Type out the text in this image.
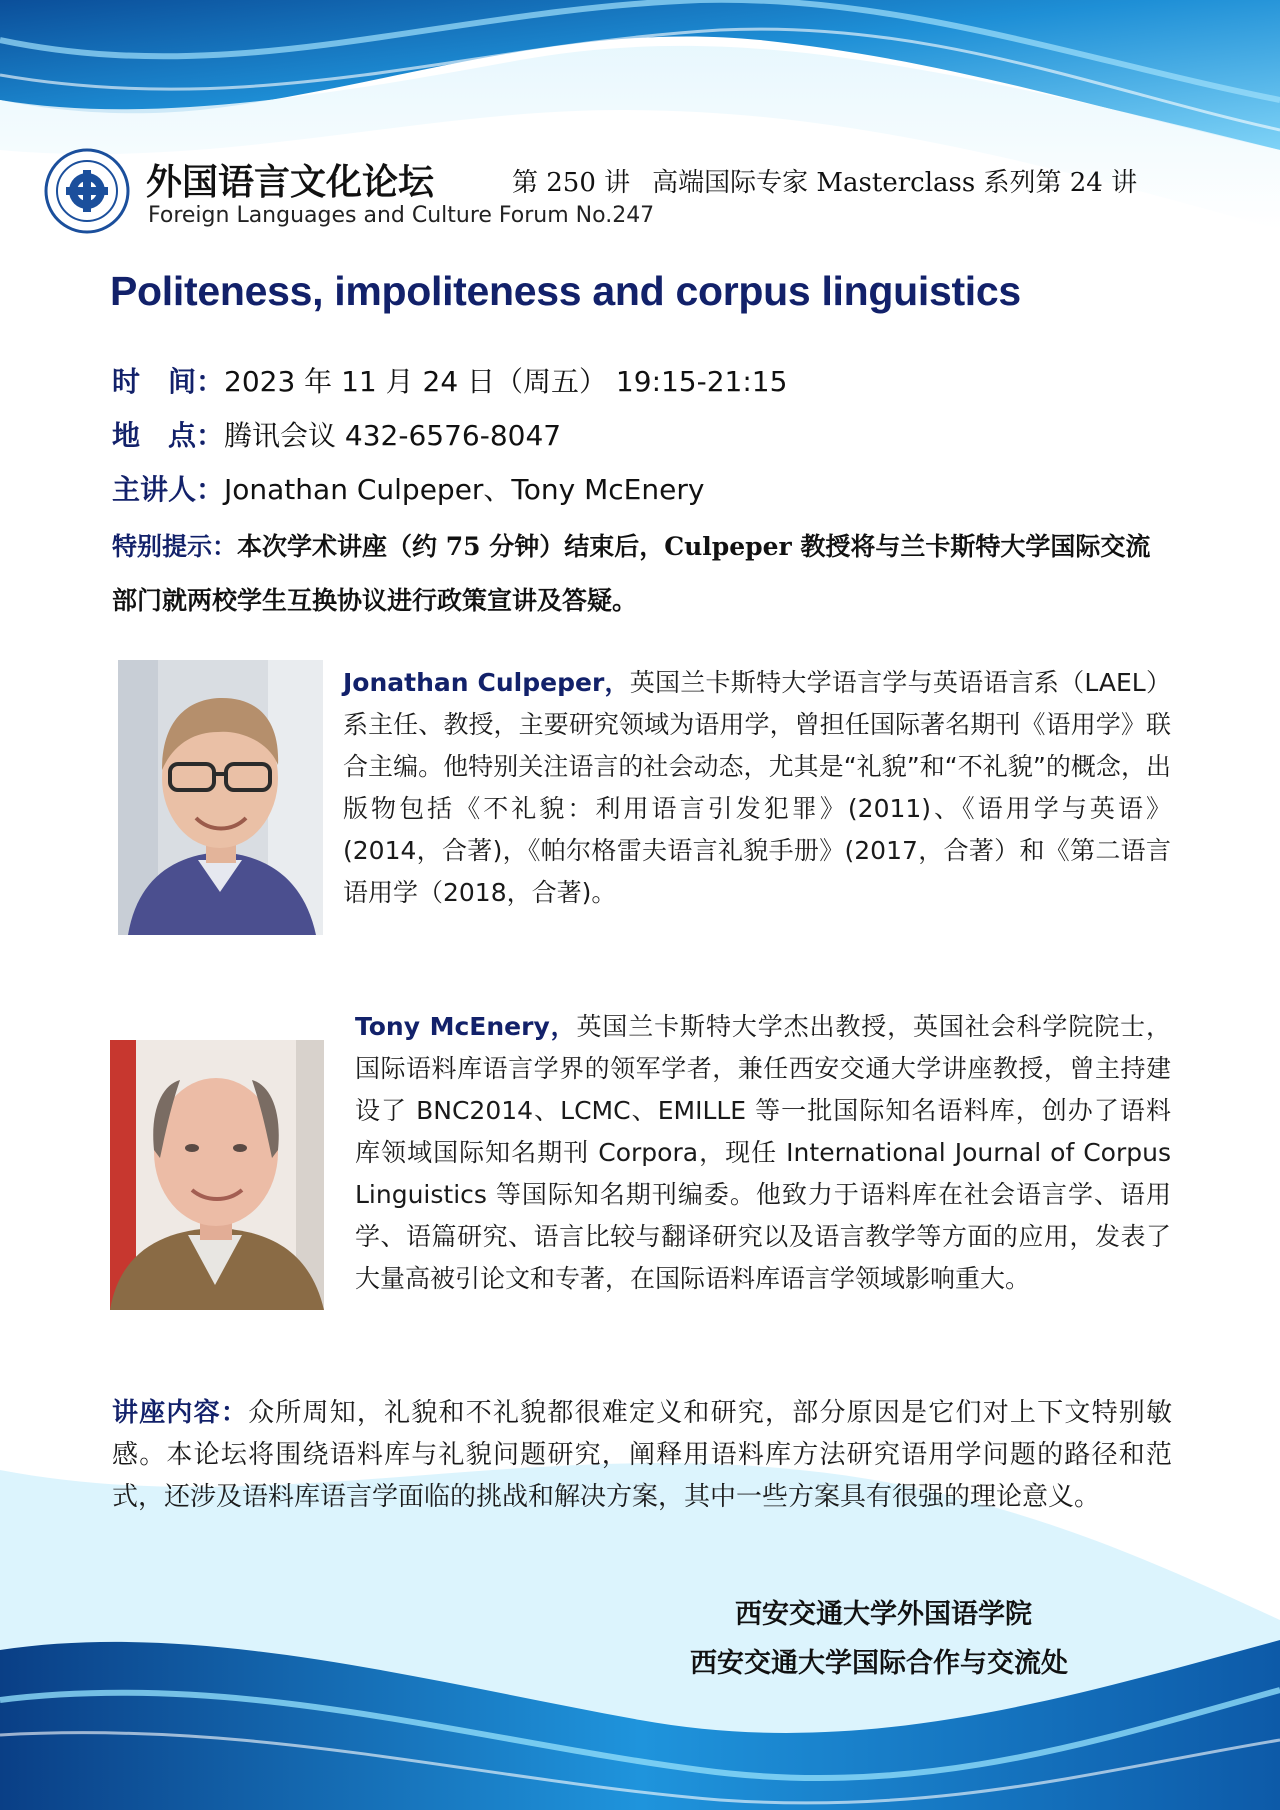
外国语言文化论坛	第 250 讲 高端国际专家 Masterclass 系列第 24 讲
Foreign Languages and Culture Forum No.247
Politeness, impoliteness and corpus linguistics
时　间：2023 年 11 月 24 日（周五） 19:15-21:15
地　点：腾讯会议 432-6576-8047
主讲人：Jonathan Culpeper、Tony McEnery
特别提示：本次学术讲座（约 75 分钟）结束后，Culpeper 教授将与兰卡斯特大学国际交流部门就两校学生互换协议进行政策宣讲及答疑。
Jonathan Culpeper，英国兰卡斯特大学语言学与英语语言系（LAEL）系主任、教授，主要研究领域为语用学，曾担任国际著名期刊《语用学》联合主编。他特别关注语言的社会动态，尤其是“礼貌”和“不礼貌”的概念，出版物包括《不礼貌：利用语言引发犯罪》(2011)、《语用学与英语》(2014，合著)，《帕尔格雷夫语言礼貌手册》(2017，合著）和《第二语言语用学（2018，合著)。
Tony McEnery，英国兰卡斯特大学杰出教授，英国社会科学院院士，国际语料库语言学界的领军学者，兼任西安交通大学讲座教授，曾主持建设了 BNC2014、LCMC、EMILLE 等一批国际知名语料库，创办了语料库领域国际知名期刊 Corpora，现任 International Journal of Corpus Linguistics 等国际知名期刊编委。他致力于语料库在社会语言学、语用学、语篇研究、语言比较与翻译研究以及语言教学等方面的应用，发表了大量高被引论文和专著，在国际语料库语言学领域影响重大。
讲座内容：众所周知，礼貌和不礼貌都很难定义和研究，部分原因是它们对上下文特别敏感。本论坛将围绕语料库与礼貌问题研究，阐释用语料库方法研究语用学问题的路径和范式，还涉及语料库语言学面临的挑战和解决方案，其中一些方案具有很强的理论意义。
西安交通大学外国语学院
西安交通大学国际合作与交流处
